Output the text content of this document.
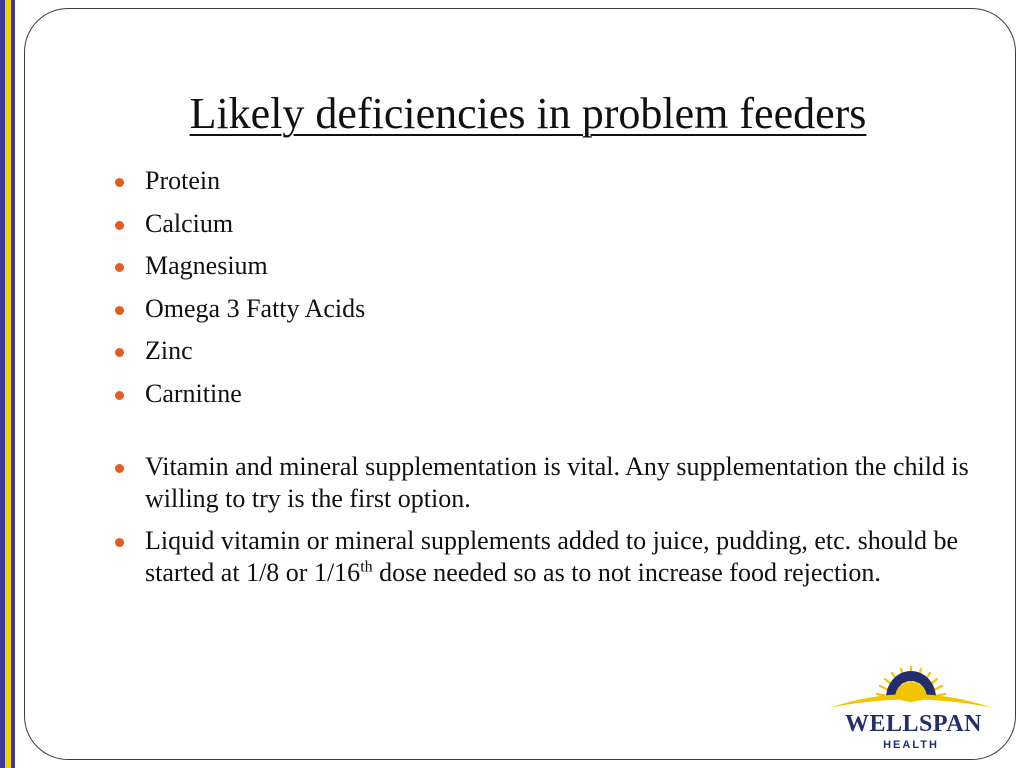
Likely deficiencies in problem feeders
Protein
Calcium
Magnesium
Omega 3 Fatty Acids
Zinc
Carnitine
Vitamin and mineral supplementation is vital. Any supplementation the child is willing to try is the first option.
Liquid vitamin or mineral supplements added to juice, pudding, etc. should be started at 1/8 or 1/16th dose needed so as to not increase food rejection.
WELLSPAN
HEALTH
